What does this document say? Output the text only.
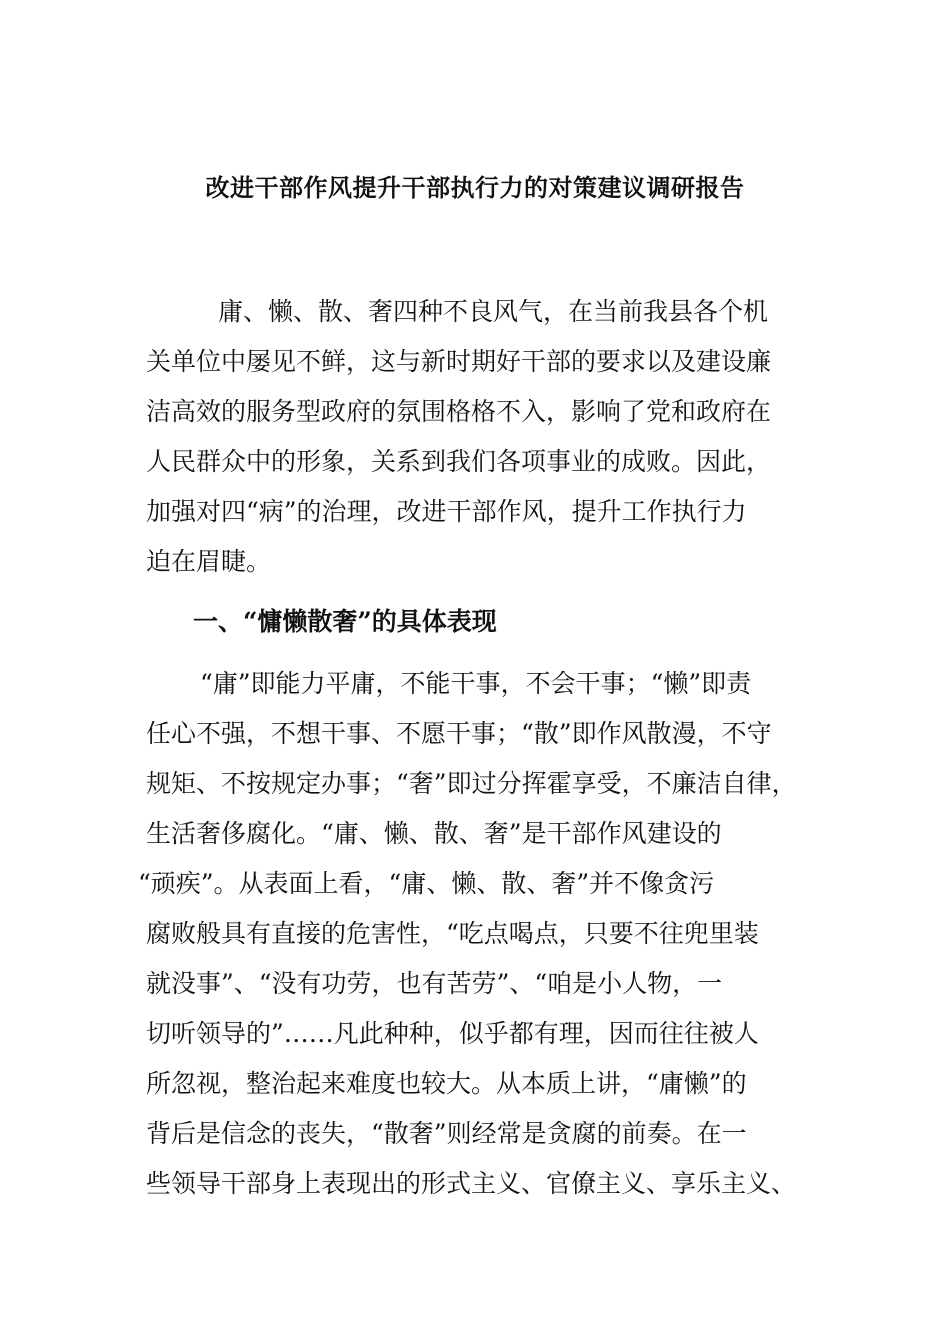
改进干部作风提升干部执行力的对策建议调研报告
庸、懒、散、奢四种不良风气，在当前我县各个机
关单位中屡见不鲜，这与新时期好干部的要求以及建设廉
洁高效的服务型政府的氛围格格不入，影响了党和政府在
人民群众中的形象，关系到我们各项事业的成败。因此，
加强对四“病”的治理，改进干部作风，提升工作执行力
迫在眉睫。
一、“慵懒散奢”的具体表现
“庸”即能力平庸，不能干事，不会干事；“懒”即责
任心不强，不想干事、不愿干事；“散”即作风散漫，不守
规矩、不按规定办事；“奢”即过分挥霍享受，不廉洁自律，
生活奢侈腐化。“庸、懒、散、奢”是干部作风建设的
“顽疾”。从表面上看，“庸、懒、散、奢”并不像贪污
腐败般具有直接的危害性，“吃点喝点，只要不往兜里装
就没事”、“没有功劳，也有苦劳”、“咱是小人物，一
切听领导的”……凡此种种，似乎都有理，因而往往被人
所忽视，整治起来难度也较大。从本质上讲，“庸懒”的
背后是信念的丧失，“散奢”则经常是贪腐的前奏。在一
些领导干部身上表现出的形式主义、官僚主义、享乐主义、
